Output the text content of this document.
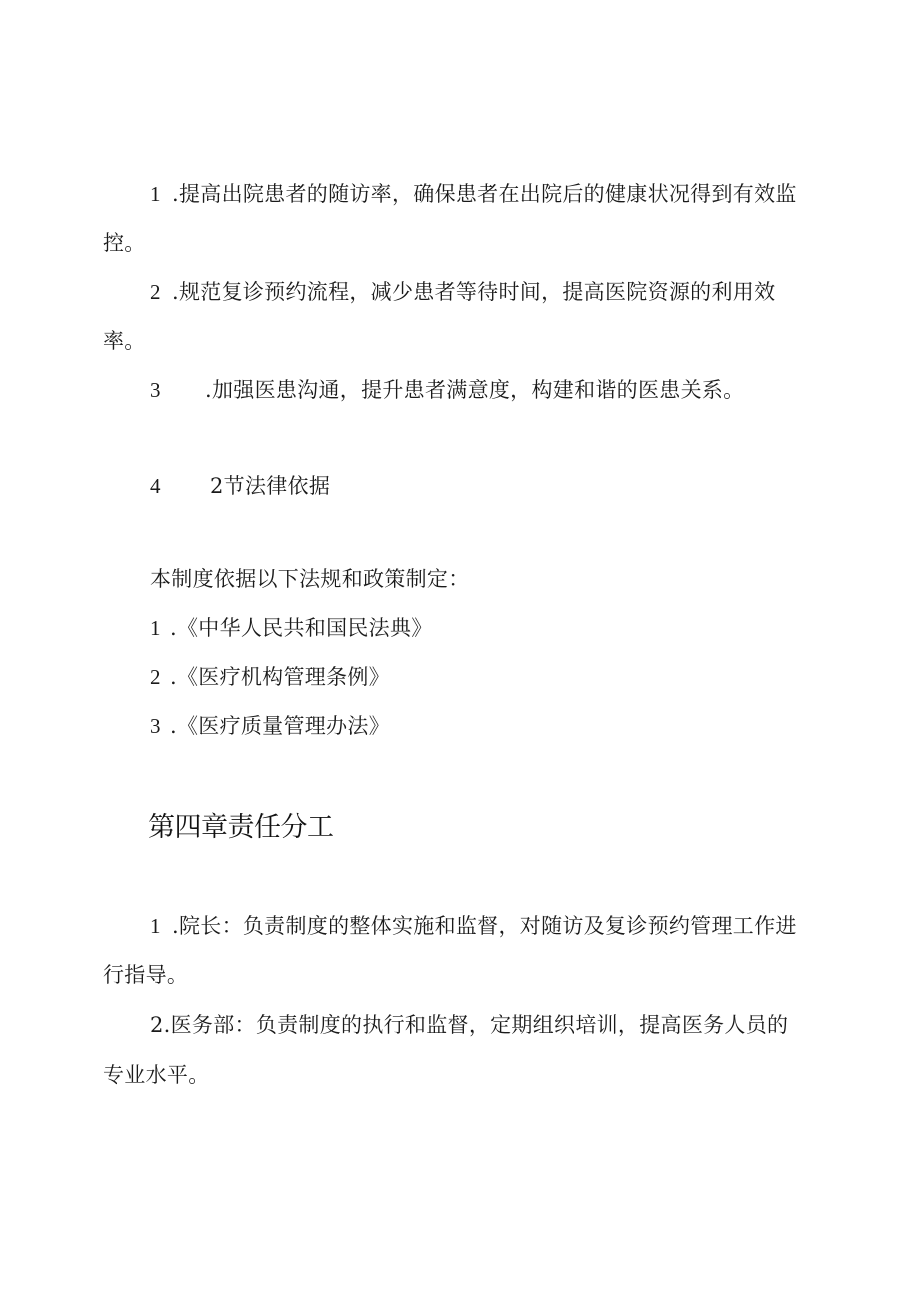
1 .提高出院患者的随访率，确保患者在出院后的健康状况得到有效监
控。
2 .规范复诊预约流程，减少患者等待时间，提高医院资源的利用效
率。
3 .加强医患沟通，提升患者满意度，构建和谐的医患关系。
4 2节法律依据
本制度依据以下法规和政策制定：
1 .《中华人民共和国民法典》
2 .《医疗机构管理条例》
3 .《医疗质量管理办法》
第四章责任分工
1 .院长：负责制度的整体实施和监督，对随访及复诊预约管理工作进
行指导。
2.医务部：负责制度的执行和监督，定期组织培训，提高医务人员的
专业水平。
